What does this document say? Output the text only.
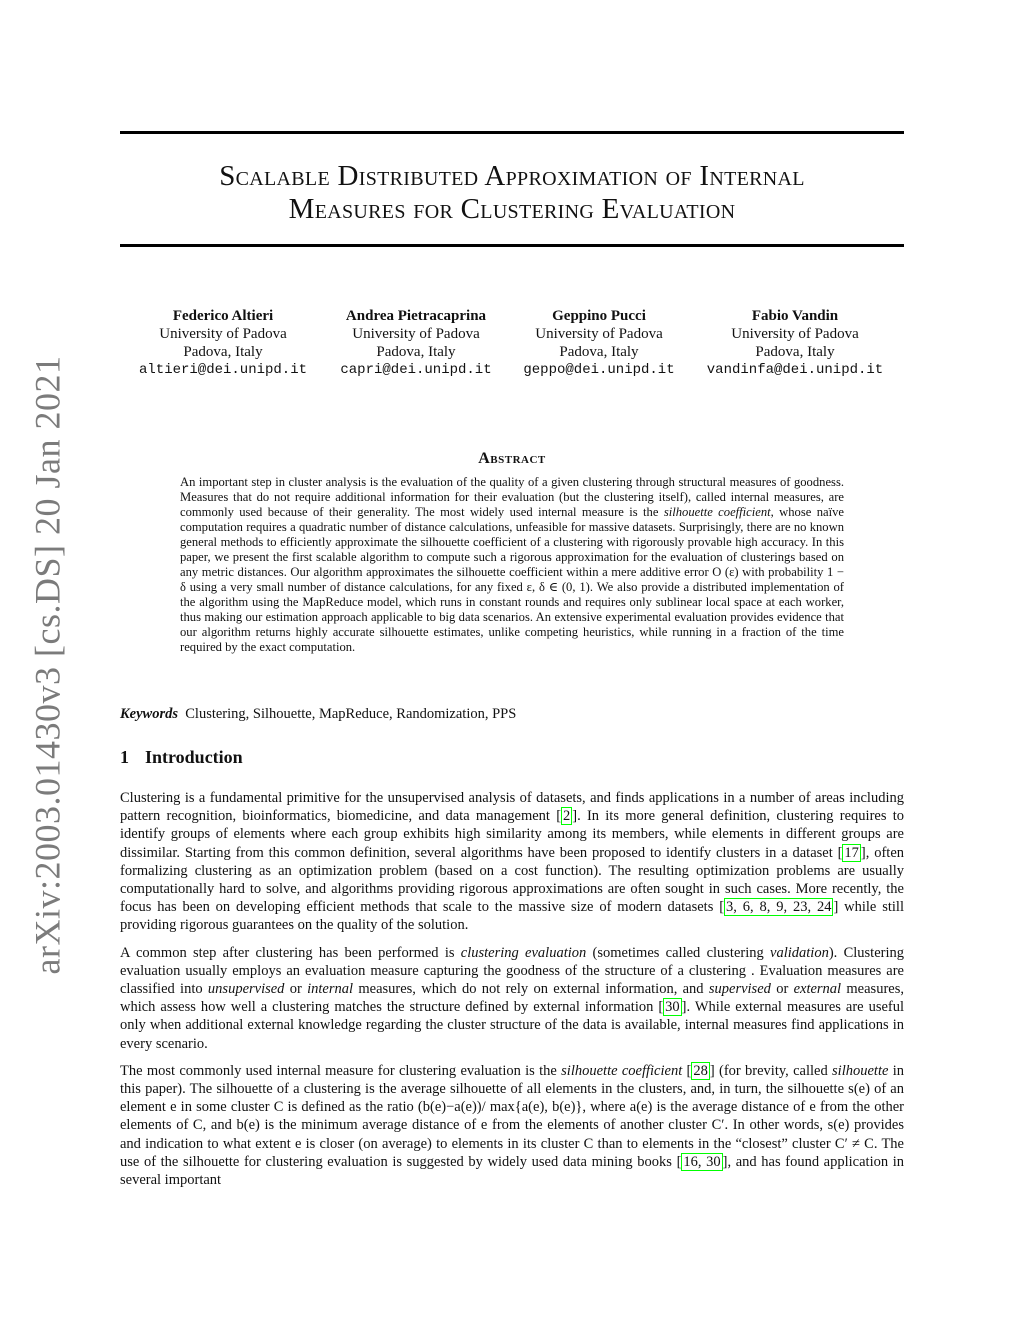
arXiv:2003.01430v3 [cs.DS] 20 Jan 2021
Scalable Distributed Approximation of Internal
Measures for Clustering Evaluation
Federico Altieri
University of Padova
Padova, Italy
altieri@dei.unipd.it
Andrea Pietracaprina
University of Padova
Padova, Italy
capri@dei.unipd.it
Geppino Pucci
University of Padova
Padova, Italy
geppo@dei.unipd.it
Fabio Vandin
University of Padova
Padova, Italy
vandinfa@dei.unipd.it
Abstract
An important step in cluster analysis is the evaluation of the quality of a given clustering through structural measures of goodness. Measures that do not require additional information for their evaluation (but the clustering itself), called internal measures, are commonly used because of their generality. The most widely used internal measure is the silhouette coefficient, whose naïve computation requires a quadratic number of distance calculations, unfeasible for massive datasets. Surprisingly, there are no known general methods to efficiently approximate the silhouette coefficient of a clustering with rigorously provable high accuracy. In this paper, we present the first scalable algorithm to compute such a rigorous approximation for the evaluation of clusterings based on any metric distances. Our algorithm approximates the silhouette coefficient within a mere additive error O (ε) with probability 1 − δ using a very small number of distance calculations, for any fixed ε, δ ∈ (0, 1). We also provide a distributed implementation of the algorithm using the MapReduce model, which runs in constant rounds and requires only sublinear local space at each worker, thus making our estimation approach applicable to big data scenarios. An extensive experimental evaluation provides evidence that our algorithm returns highly accurate silhouette estimates, unlike competing heuristics, while running in a fraction of the time required by the exact computation.
Keywords Clustering, Silhouette, MapReduce, Randomization, PPS
1 Introduction

Clustering is a fundamental primitive for the unsupervised analysis of datasets, and finds applications in a number of areas including pattern recognition, bioinformatics, biomedicine, and data management [ 2 ]. In its more general definition, clustering requires to identify groups of elements where each group exhibits high similarity among its members, while elements in different groups are dissimilar. Starting from this common definition, several algorithms have been proposed to identify clusters in a dataset [ 17 ], often formalizing clustering as an optimization problem (based on a cost function). The resulting optimization problems are usually computationally hard to solve, and algorithms providing rigorous approximations are often sought in such cases. More recently, the focus has been on developing efficient methods that scale to the massive size of modern datasets [ 3, 6, 8, 9, 23, 24 ] while still providing rigorous guarantees on the quality of the solution.

A common step after clustering has been performed is clustering evaluation (sometimes called clustering validation). Clustering evaluation usually employs an evaluation measure capturing the goodness of the structure of a clustering . Evaluation measures are classified into unsupervised or internal measures, which do not rely on external information, and supervised or external measures, which assess how well a clustering matches the structure defined by external information [ 30 ]. While external measures are useful only when additional external knowledge regarding the cluster structure of the data is available, internal measures find applications in every scenario.

The most commonly used internal measure for clustering evaluation is the silhouette coefficient [ 28 ] (for brevity, called silhouette in this paper). The silhouette of a clustering is the average silhouette of all elements in the clusters, and, in turn, the silhouette s(e) of an element e in some cluster C is defined as the ratio (b(e)−a(e))/ max{a(e), b(e)}, where a(e) is the average distance of e from the other elements of C, and b(e) is the minimum average distance of e from the elements of another cluster C′. In other words, s(e) provides and indication to what extent e is closer (on average) to elements in its cluster C than to elements in the “closest” cluster C′ ≠ C. The use of the silhouette for clustering evaluation is suggested by widely used data mining books [ 16, 30 ], and has found application in several important
